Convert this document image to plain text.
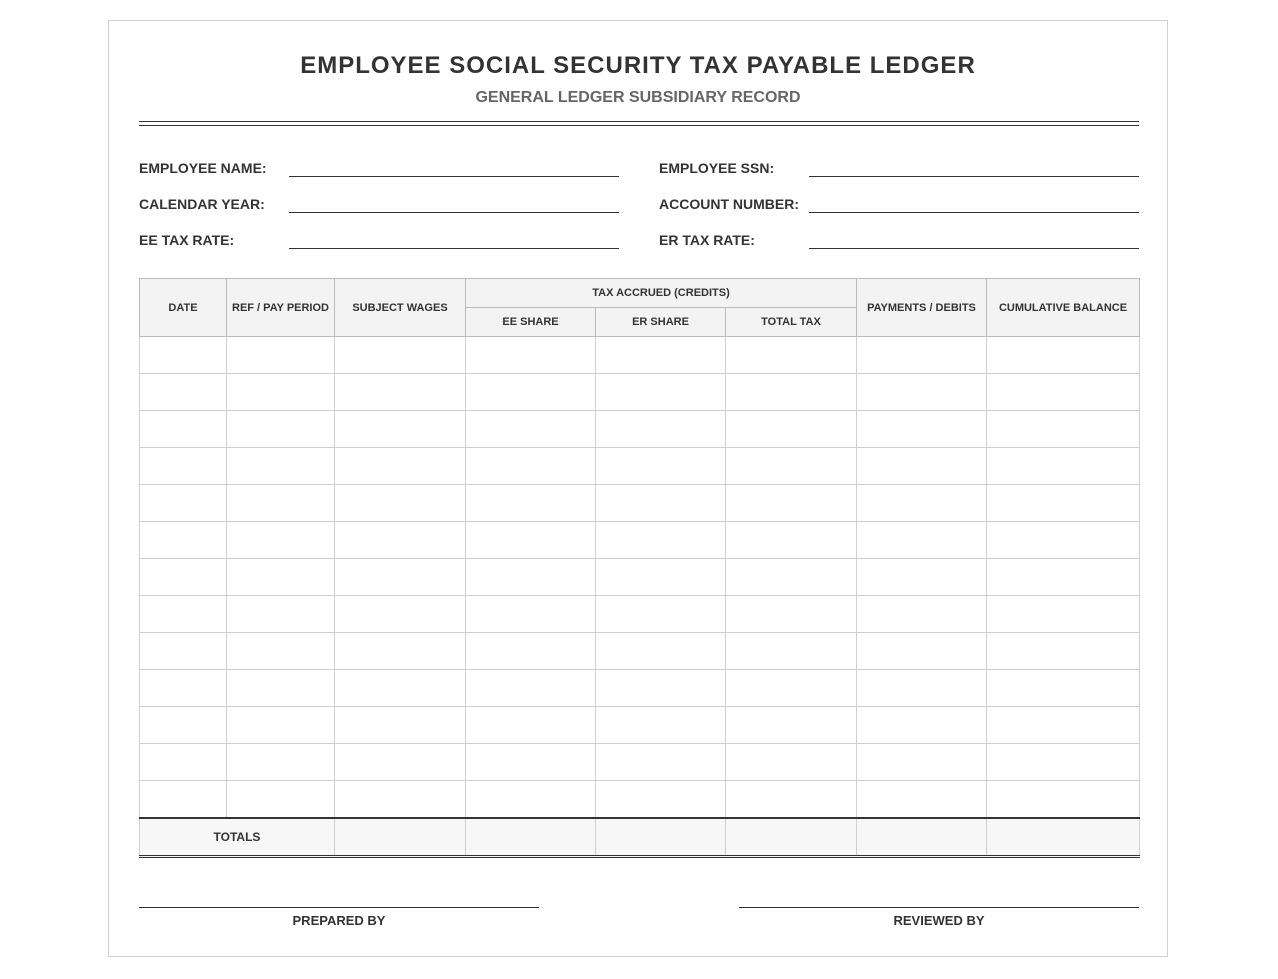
EMPLOYEE SOCIAL SECURITY TAX PAYABLE LEDGER
GENERAL LEDGER SUBSIDIARY RECORD
EMPLOYEE NAME:	EMPLOYEE SSN:
CALENDAR YEAR:	ACCOUNT NUMBER:
EE TAX RATE:	ER TAX RATE:
DATE	REF / PAY PERIOD	SUBJECT WAGES	TAX ACCRUED (CREDITS)			PAYMENTS / DEBITS	CUMULATIVE BALANCE
			EE SHARE	ER SHARE	TOTAL TAX		

TOTALS							
PREPARED BY	REVIEWED BY
